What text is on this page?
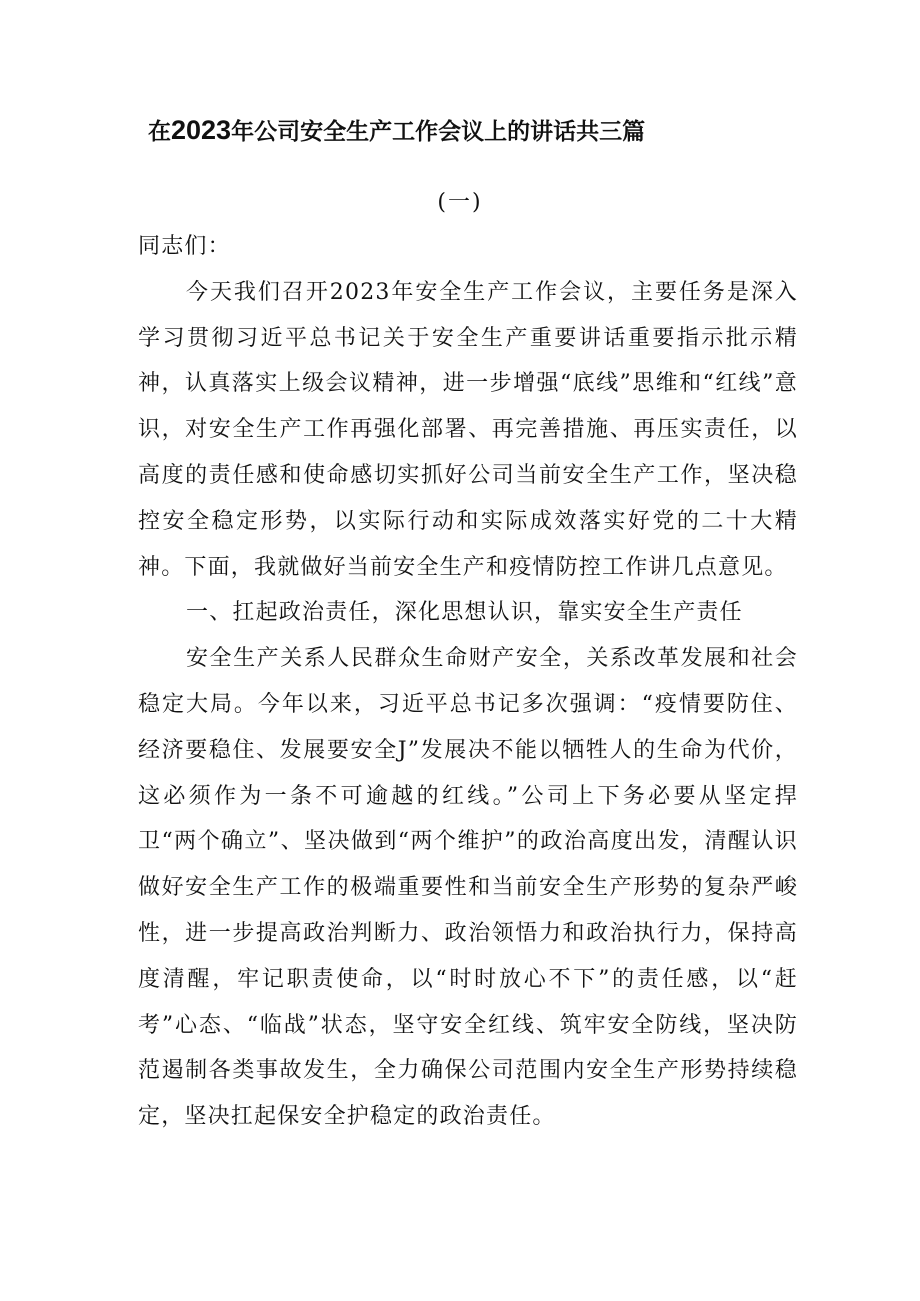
在2023年公司安全生产工作会议上的讲话共三篇

(一)

同志们：

今天我们召开2023年安全生产工作会议，主要任务是深入学习贯彻习近平总书记关于安全生产重要讲话重要指示批示精神，认真落实上级会议精神，进一步增强“底线”思维和“红线”意识，对安全生产工作再强化部署、再完善措施、再压实责任，以高度的责任感和使命感切实抓好公司当前安全生产工作，坚决稳控安全稳定形势，以实际行动和实际成效落实好党的二十大精神。下面，我就做好当前安全生产和疫情防控工作讲几点意见。

一、扛起政治责任，深化思想认识，靠实安全生产责任

安全生产关系人民群众生命财产安全，关系改革发展和社会稳定大局。今年以来，习近平总书记多次强调：“疫情要防住、经济要稳住、发展要安全J”发展决不能以牺牲人的生命为代价，这必须作为一条不可逾越的红线。”公司上下务必要从坚定捍卫“两个确立”、坚决做到“两个维护”的政治高度出发，清醒认识做好安全生产工作的极端重要性和当前安全生产形势的复杂严峻性，进一步提高政治判断力、政治领悟力和政治执行力，保持高度清醒，牢记职责使命，以“时时放心不下”的责任感，以“赶考”心态、“临战”状态，坚守安全红线、筑牢安全防线，坚决防范遏制各类事故发生，全力确保公司范围内安全生产形势持续稳定，坚决扛起保安全护稳定的政治责任。
